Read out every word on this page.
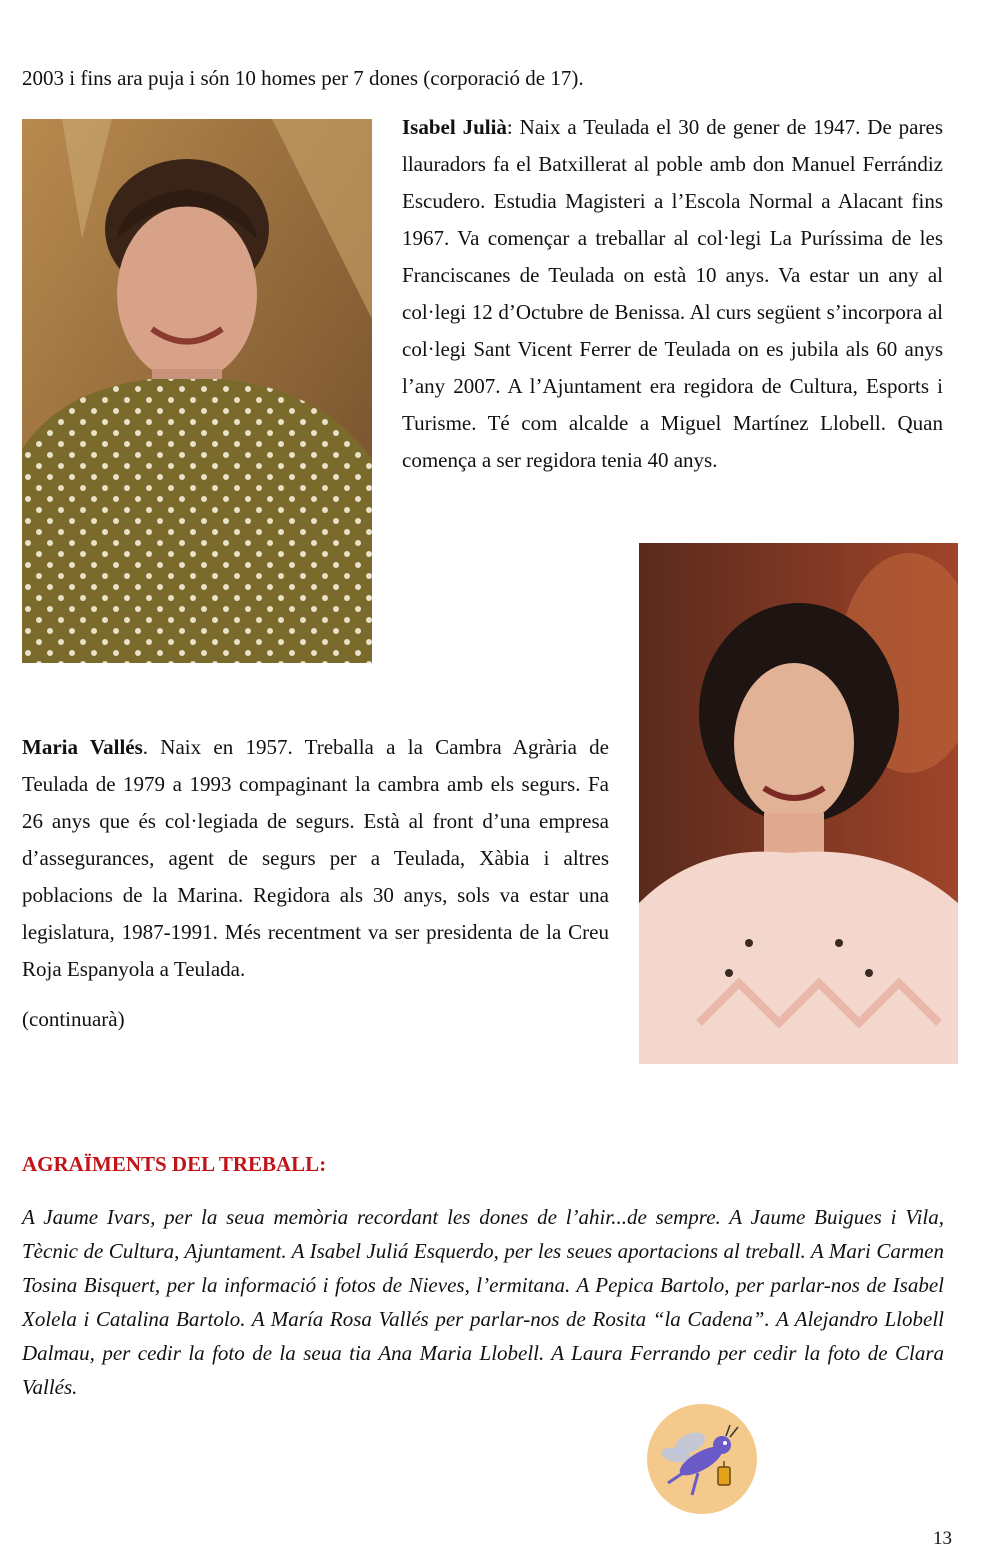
2003 i fins ara puja i són 10 homes per 7 dones (corporació de 17).

Isabel Julià: Naix a Teulada el 30 de gener de 1947. De pares llauradors fa el Batxillerat al poble amb don Manuel Ferrándiz Escudero. Estudia Magisteri a l’Escola Normal a Alacant fins 1967. Va començar a treballar al col·legi La Puríssima de les Franciscanes de Teulada on està 10 anys. Va estar un any al col·legi 12 d’Octubre de Benissa. Al curs següent s’incorpora al col·legi Sant Vicent Ferrer de Teulada on es jubila als 60 anys l’any 2007. A l’Ajuntament era regidora de Cultura, Esports i Turisme. Té com alcalde a Miguel Martínez Llobell. Quan comença a ser regidora tenia 40 anys.

Maria Vallés. Naix en 1957. Treballa a la Cambra Agrària de Teulada de 1979 a 1993 compaginant la cambra amb els segurs. Fa 26 anys que és col·legiada de segurs. Està al front d’una empresa d’assegurances, agent de segurs per a Teulada, Xàbia i altres poblacions de la Marina. Regidora als 30 anys, sols va estar una legislatura, 1987-1991. Més recentment va ser presidenta de la Creu Roja Espanyola a Teulada.

(continuarà)
AGRAÏMENTS DEL TREBALL:

A Jaume Ivars, per la seua memòria recordant les dones de l’ahir...de sempre. A Jaume Buigues i Vila, Tècnic de Cultura, Ajuntament. A Isabel Juliá Esquerdo, per les seues aportacions al treball. A Mari Carmen Tosina Bisquert, per la informació i fotos de Nieves, l’ermitana. A Pepica Bartolo, per parlar-nos de Isabel Xolela i Catalina Bartolo. A María Rosa Vallés per parlar-nos de Rosita “la Cadena”. A Alejandro Llobell Dalmau, per cedir la foto de la seua tia Ana Maria Llobell. A Laura Ferrando per cedir la foto de Clara Vallés.

13
